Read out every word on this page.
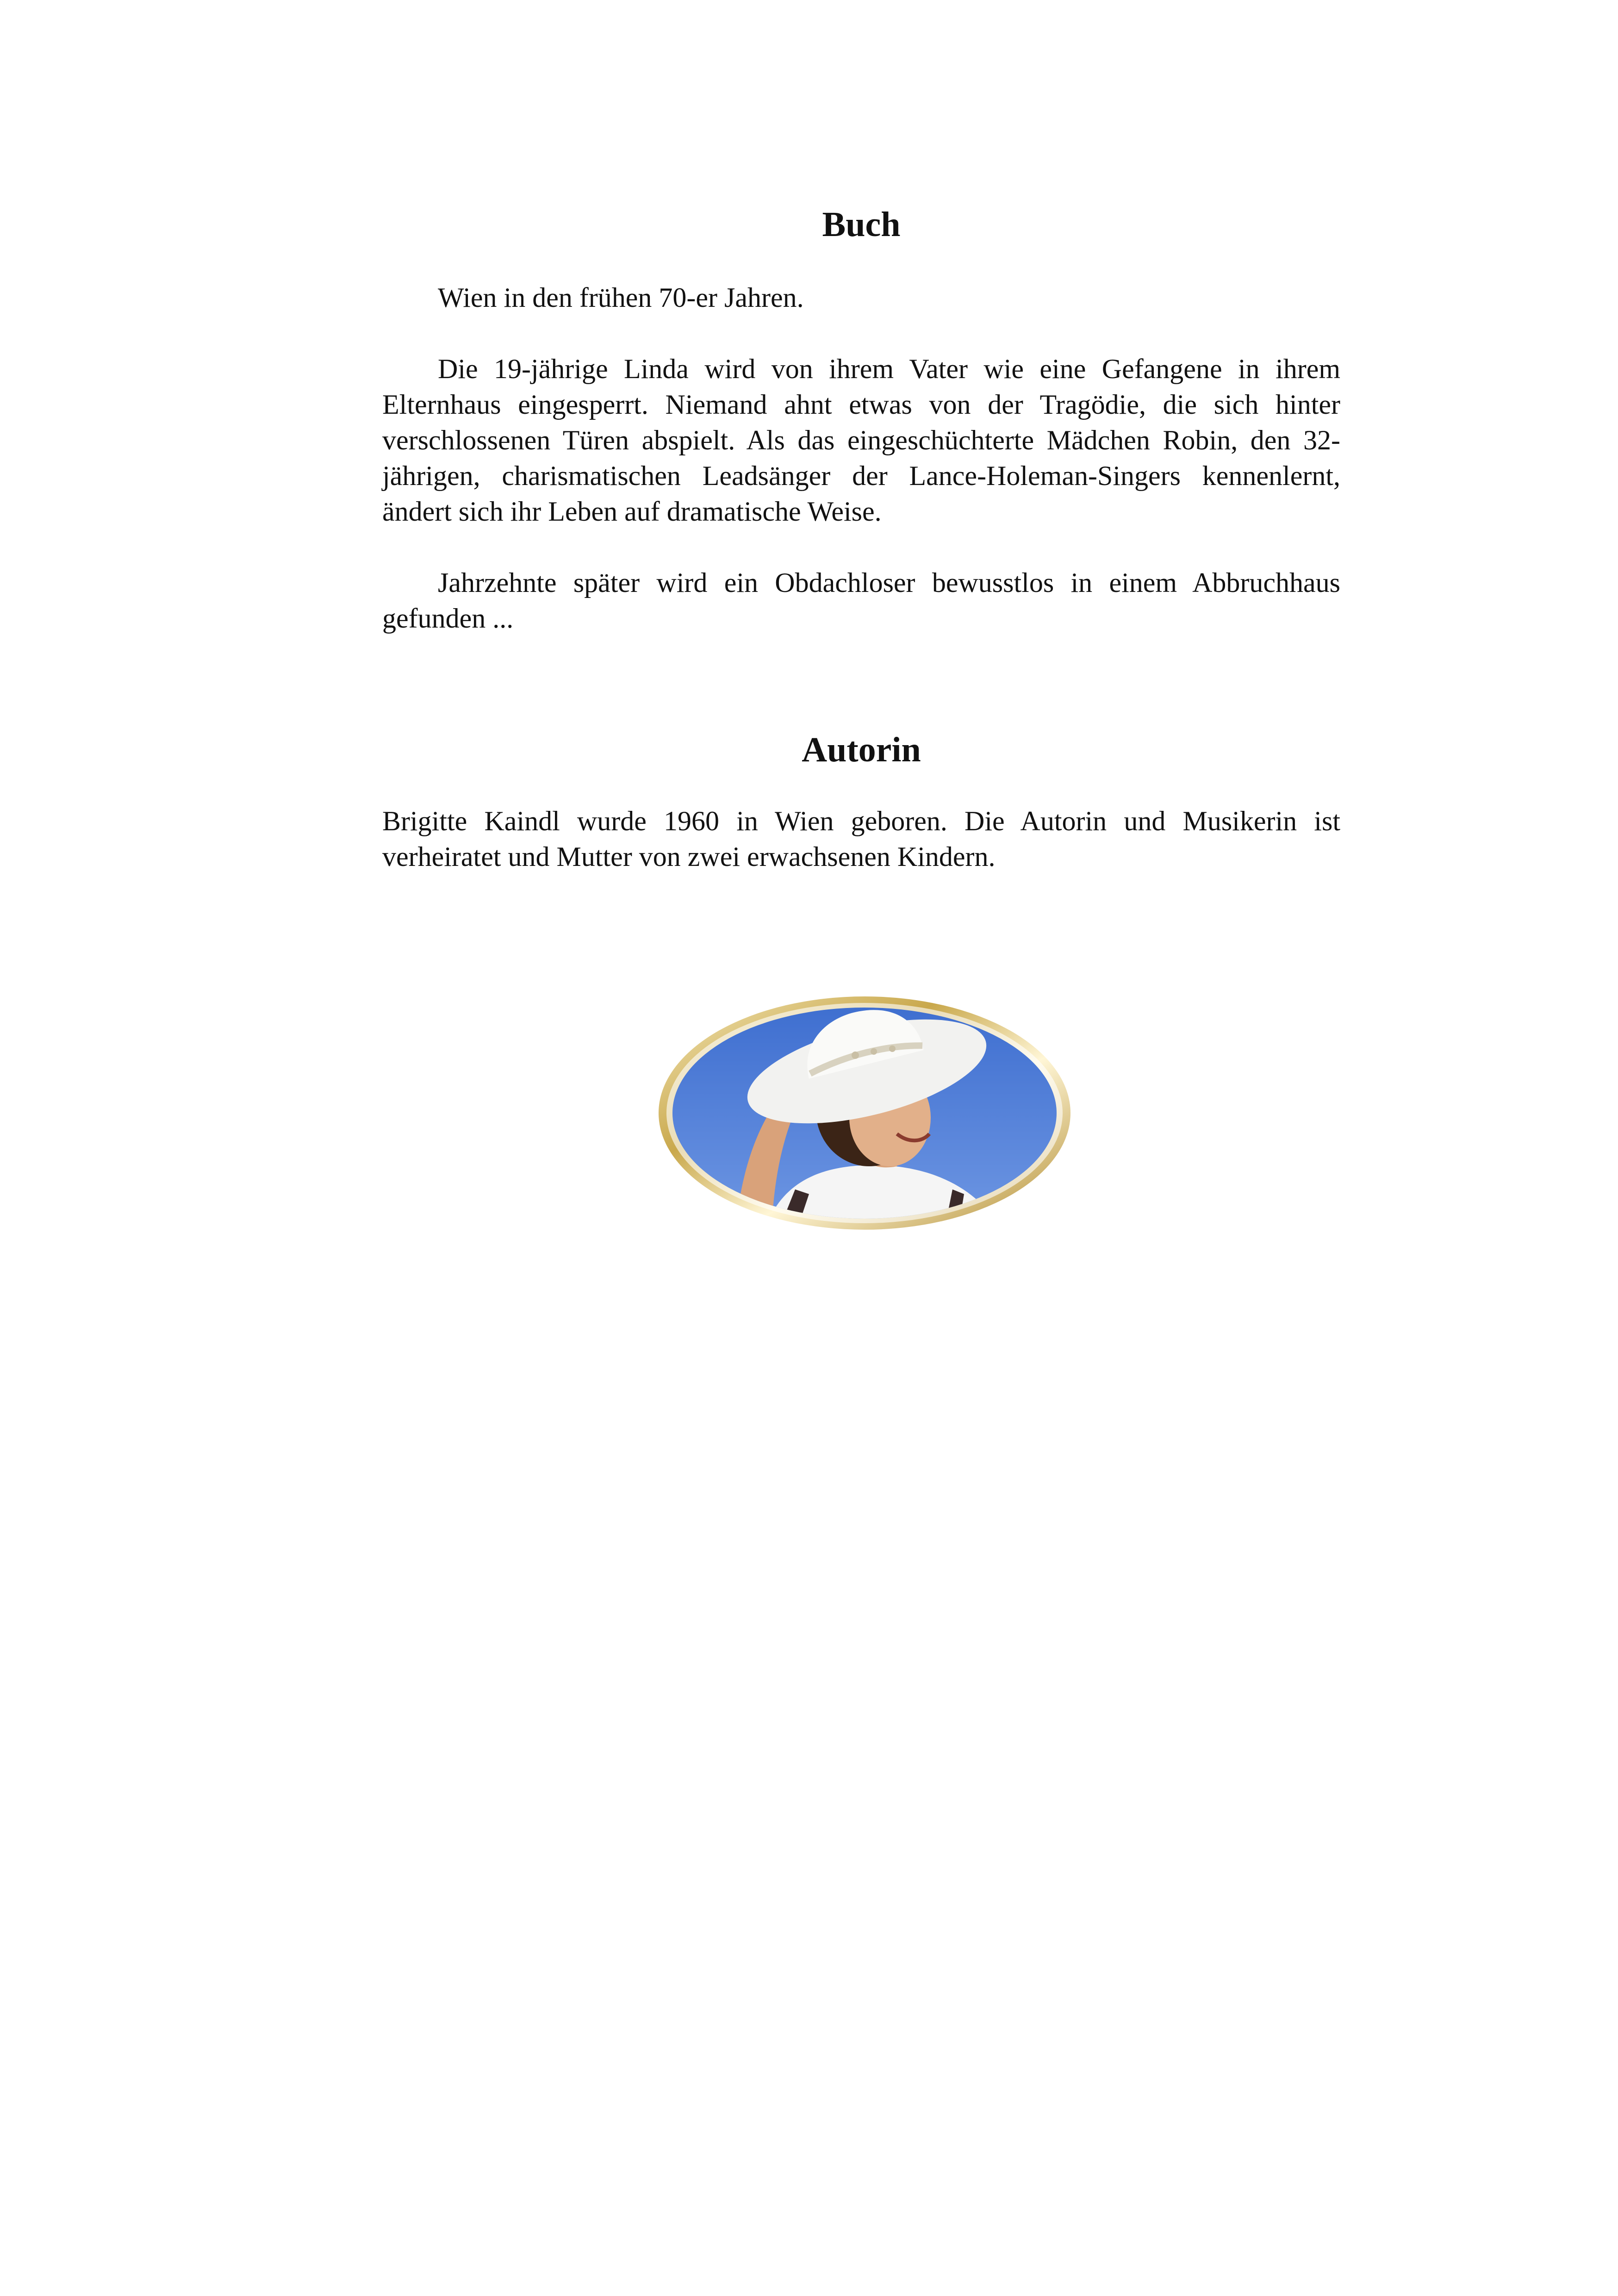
Buch

Wien in den frühen 70-er Jahren.

Die 19-jährige Linda wird von ihrem Vater wie eine Gefangene in ihrem Elternhaus eingesperrt. Niemand ahnt etwas von der Tragödie, die sich hinter verschlossenen Türen abspielt. Als das eingeschüchterte Mädchen Robin, den 32-jährigen, charismatischen Leadsänger der Lance-Holeman-Singers kennenlernt, ändert sich ihr Leben auf dramatische Weise.

Jahrzehnte später wird ein Obdachloser bewusstlos in einem Abbruchhaus gefunden ...

Autorin

Brigitte Kaindl wurde 1960 in Wien geboren. Die Autorin und Musikerin ist verheiratet und Mutter von zwei erwachsenen Kindern.
